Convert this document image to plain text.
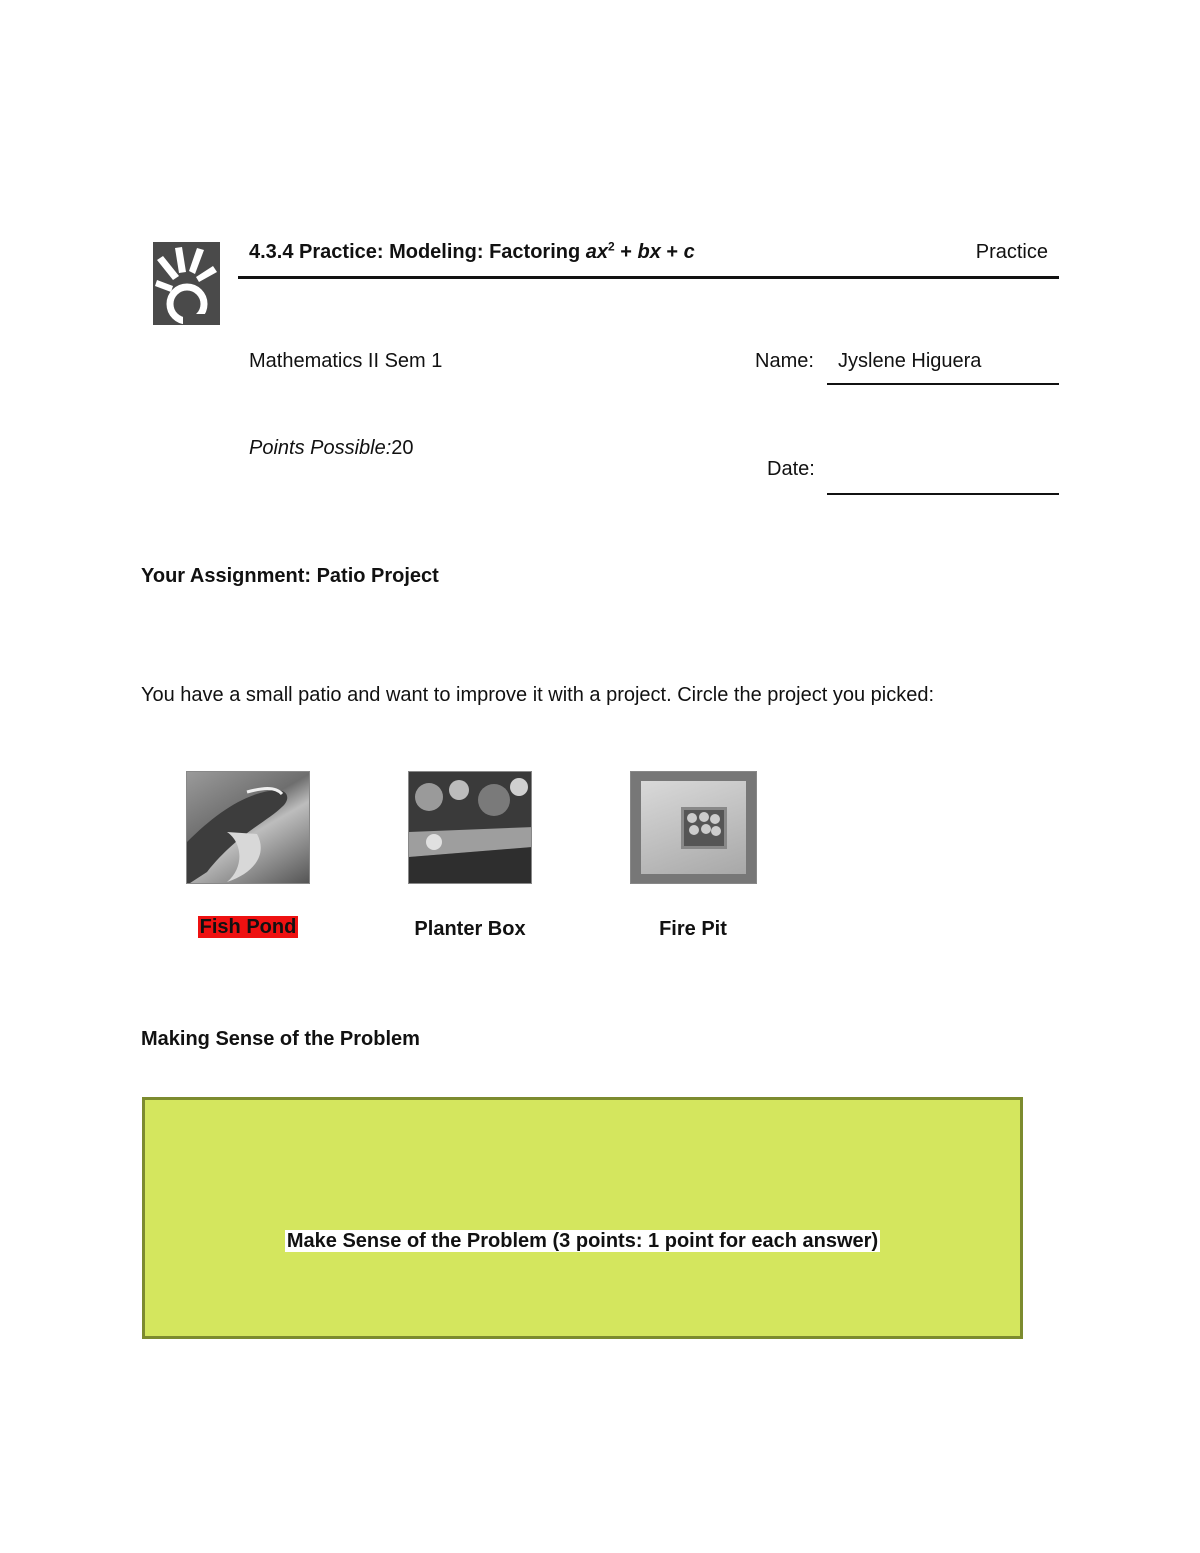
4.3.4 Practice: Modeling: Factoring $ax^2$ + bx + c	Practice
Mathematics II Sem 1	Name: Jyslene Higuera
Points Possible:20
Date:
Your Assignment: Patio Project
You have a small patio and want to improve it with a project. Circle the project you picked:
Fish Pond	Planter Box	Fire Pit
Making Sense of the Problem
Make Sense of the Problem (3 points: 1 point for each answer)
